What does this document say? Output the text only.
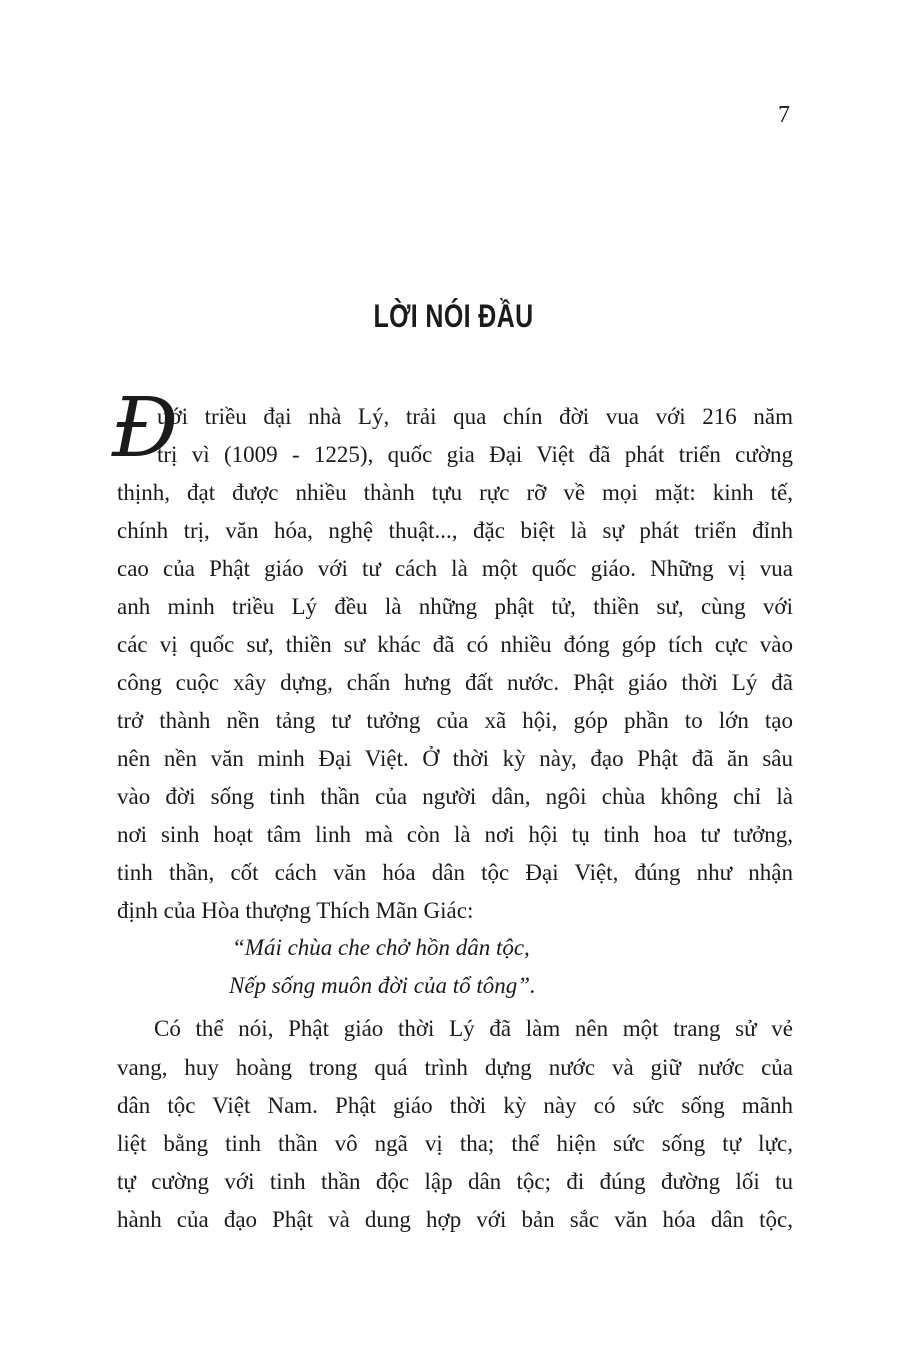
7
LỜI NÓI ĐẦU
Đ
ưới triều đại nhà Lý, trải qua chín đời vua với 216 năm
trị vì (1009 - 1225), quốc gia Đại Việt đã phát triển cường
thịnh, đạt được nhiều thành tựu rực rỡ về mọi mặt: kinh tế,
chính trị, văn hóa, nghệ thuật..., đặc biệt là sự phát triển đỉnh
cao của Phật giáo với tư cách là một quốc giáo. Những vị vua
anh minh triều Lý đều là những phật tử, thiền sư, cùng với
các vị quốc sư, thiền sư khác đã có nhiều đóng góp tích cực vào
công cuộc xây dựng, chấn hưng đất nước. Phật giáo thời Lý đã
trở thành nền tảng tư tưởng của xã hội, góp phần to lớn tạo
nên nền văn minh Đại Việt. Ở thời kỳ này, đạo Phật đã ăn sâu
vào đời sống tinh thần của người dân, ngôi chùa không chỉ là
nơi sinh hoạt tâm linh mà còn là nơi hội tụ tinh hoa tư tưởng,
tinh thần, cốt cách văn hóa dân tộc Đại Việt, đúng như nhận
định của Hòa thượng Thích Mãn Giác:
“Mái chùa che chở hồn dân tộc,
Nếp sống muôn đời của tổ tông”.
Có thể nói, Phật giáo thời Lý đã làm nên một trang sử vẻ
vang, huy hoàng trong quá trình dựng nước và giữ nước của
dân tộc Việt Nam. Phật giáo thời kỳ này có sức sống mãnh
liệt bằng tinh thần vô ngã vị tha; thể hiện sức sống tự lực,
tự cường với tinh thần độc lập dân tộc; đi đúng đường lối tu
hành của đạo Phật và dung hợp với bản sắc văn hóa dân tộc,
